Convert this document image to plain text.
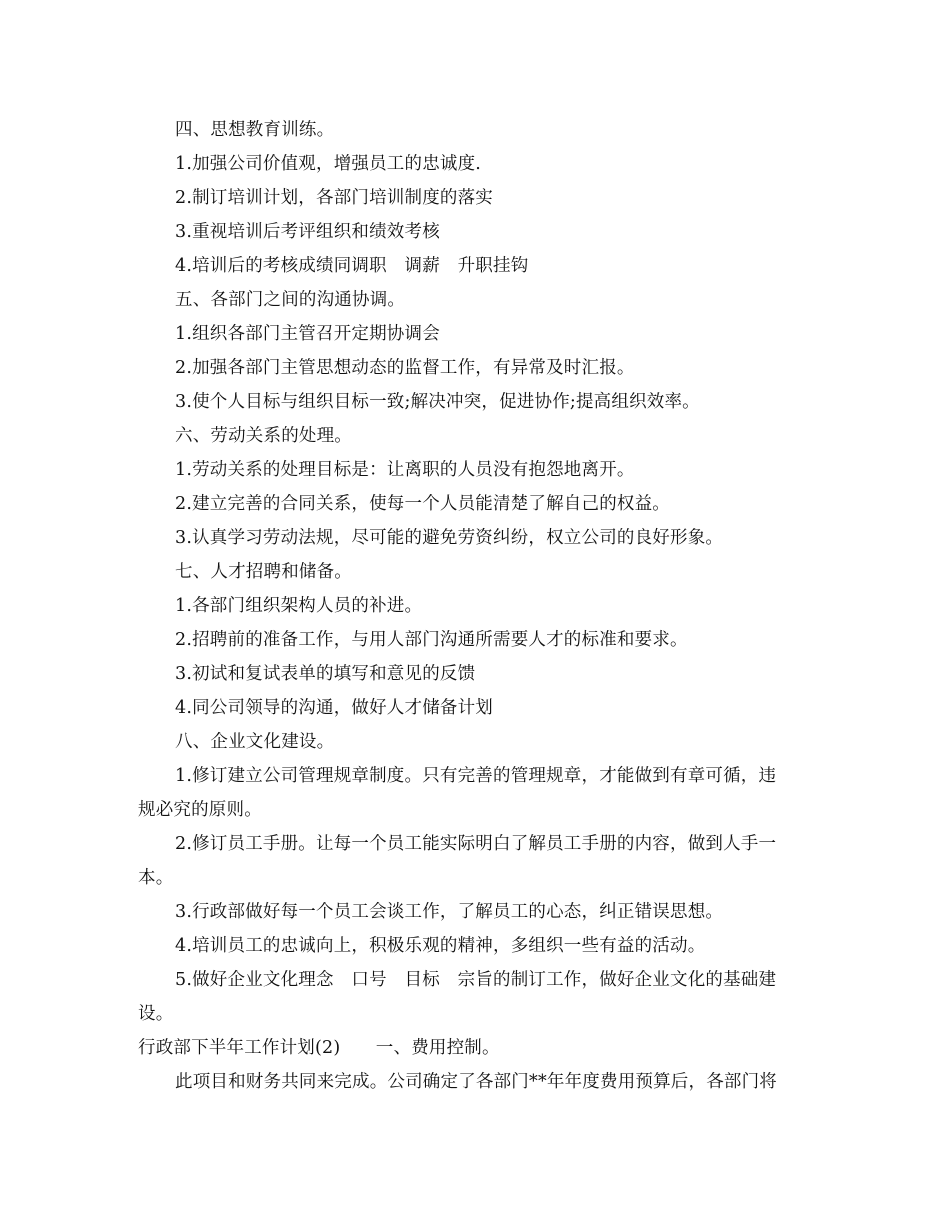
四、思想教育训练。
1.加强公司价值观，增强员工的忠诚度.
2.制订培训计划，各部门培训制度的落实
3.重视培训后考评组织和绩效考核
4.培训后的考核成绩同调职　调薪　升职挂钩
五、各部门之间的沟通协调。
1.组织各部门主管召开定期协调会
2.加强各部门主管思想动态的监督工作，有异常及时汇报。
3.使个人目标与组织目标一致;解决冲突，促进协作;提高组织效率。
六、劳动关系的处理。
1.劳动关系的处理目标是：让离职的人员没有抱怨地离开。
2.建立完善的合同关系，使每一个人员能清楚了解自己的权益。
3.认真学习劳动法规，尽可能的避免劳资纠纷，权立公司的良好形象。
七、人才招聘和储备。
1.各部门组织架构人员的补进。
2.招聘前的准备工作，与用人部门沟通所需要人才的标准和要求。
3.初试和复试表单的填写和意见的反馈
4.同公司领导的沟通，做好人才储备计划
八、企业文化建设。
1.修订建立公司管理规章制度。只有完善的管理规章，才能做到有章可循，违
规必究的原则。
2.修订员工手册。让每一个员工能实际明白了解员工手册的内容，做到人手一
本。
3.行政部做好每一个员工会谈工作，了解员工的心态，纠正错误思想。
4.培训员工的忠诚向上，积极乐观的精神，多组织一些有益的活动。
5.做好企业文化理念　口号　目标　宗旨的制订工作，做好企业文化的基础建
设。
行政部下半年工作计划(2)　　一、费用控制。
此项目和财务共同来完成。公司确定了各部门**年年度费用预算后，各部门将
